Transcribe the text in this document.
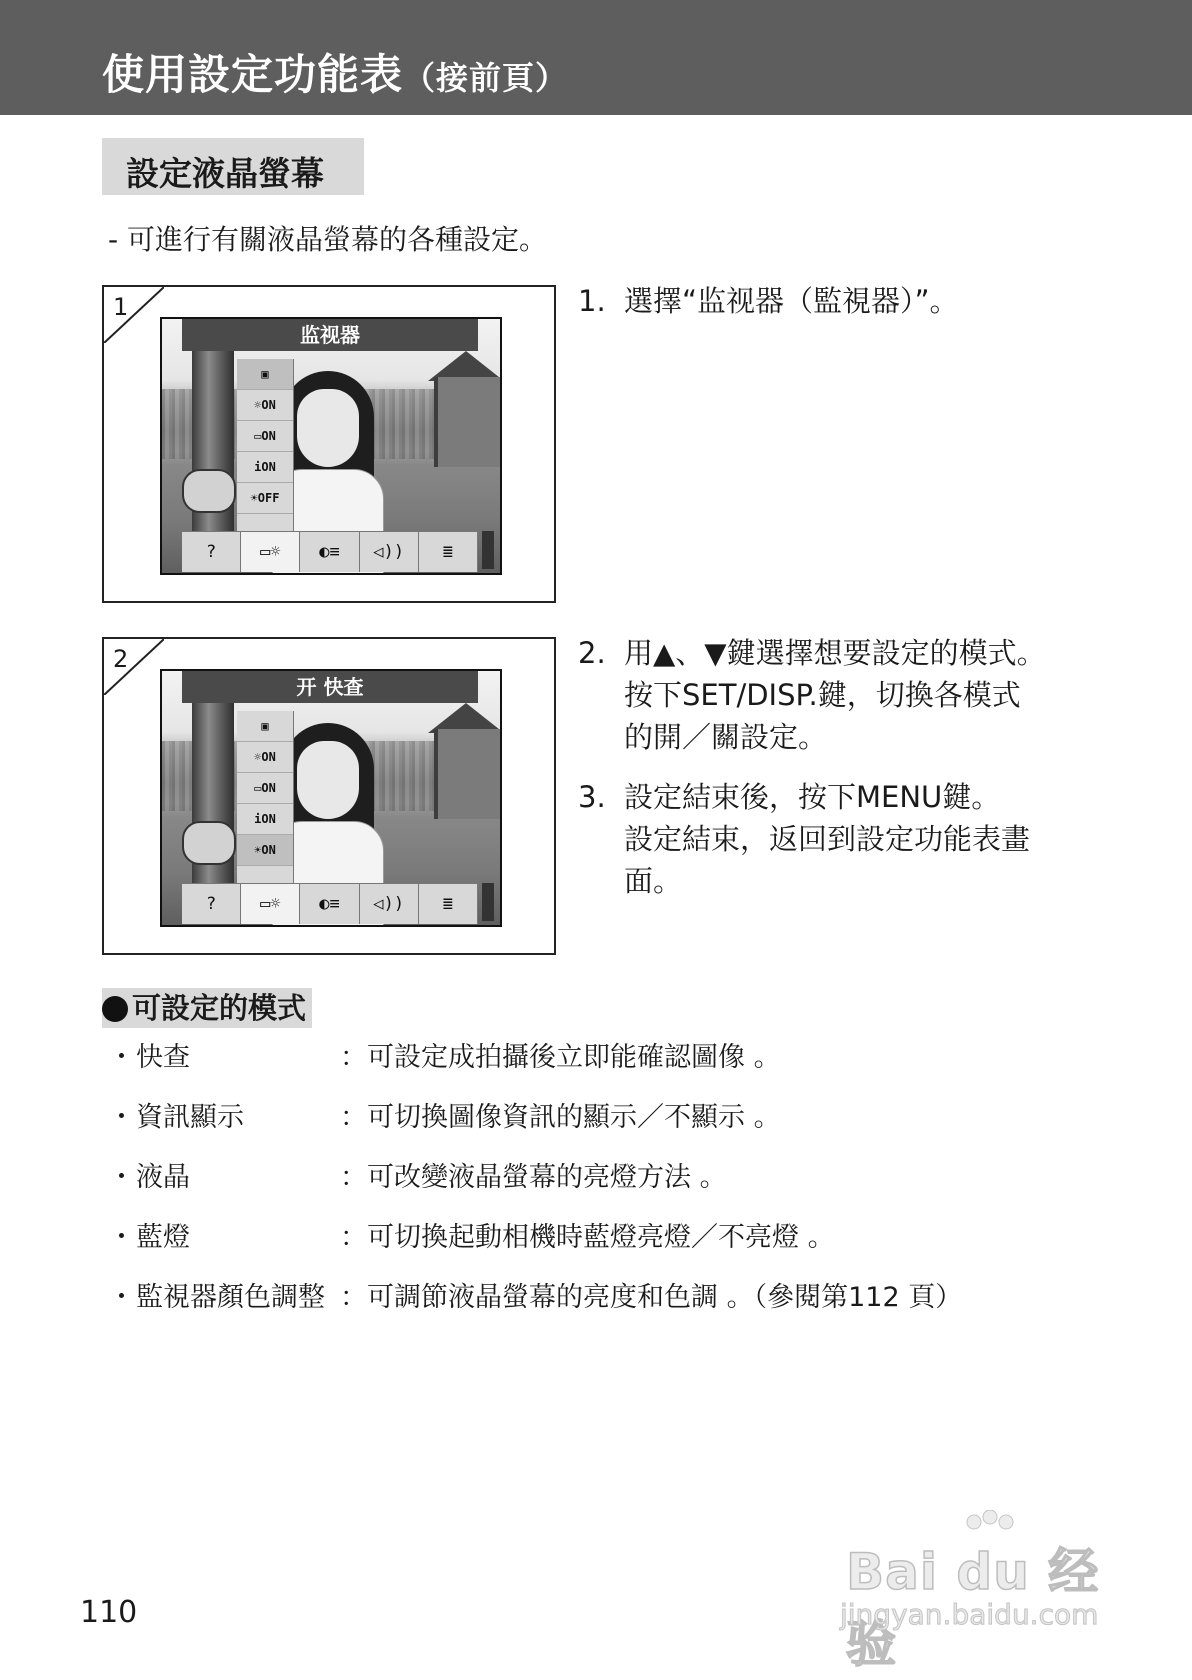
使用設定功能表（接前頁）
設定液晶螢幕
- 可進行有關液晶螢幕的各種設定。
1
监视器
▣
☼ON
▭ON
iON
☀OFF
?	▭☼	◐≡	◁))	≣
2
开 快查
▣
☼ON
▭ON
iON
☀ON
?	▭☼	◐≡	◁))	≣
1. 選擇“监视器（監視器）”。
2. 用▲、▼鍵選擇想要設定的模式。
按下SET/DISP.鍵，切換各模式
的開／關設定。
3. 設定結束後，按下MENU鍵。
設定結束，返回到設定功能表畫
面。
可設定的模式
・ 快查	：可設定成拍攝後立即能確認圖像 。
・ 資訊顯示	：可切換圖像資訊的顯示／不顯示 。
・ 液晶	：可改變液晶螢幕的亮燈方法 。
・ 藍燈	：可切換起動相機時藍燈亮燈／不亮燈 。
・ 監視器顏色調整 ：可調節液晶螢幕的亮度和色調 。（參閱第112 頁）
110
Bai du 经验
jingyan.baidu.com
